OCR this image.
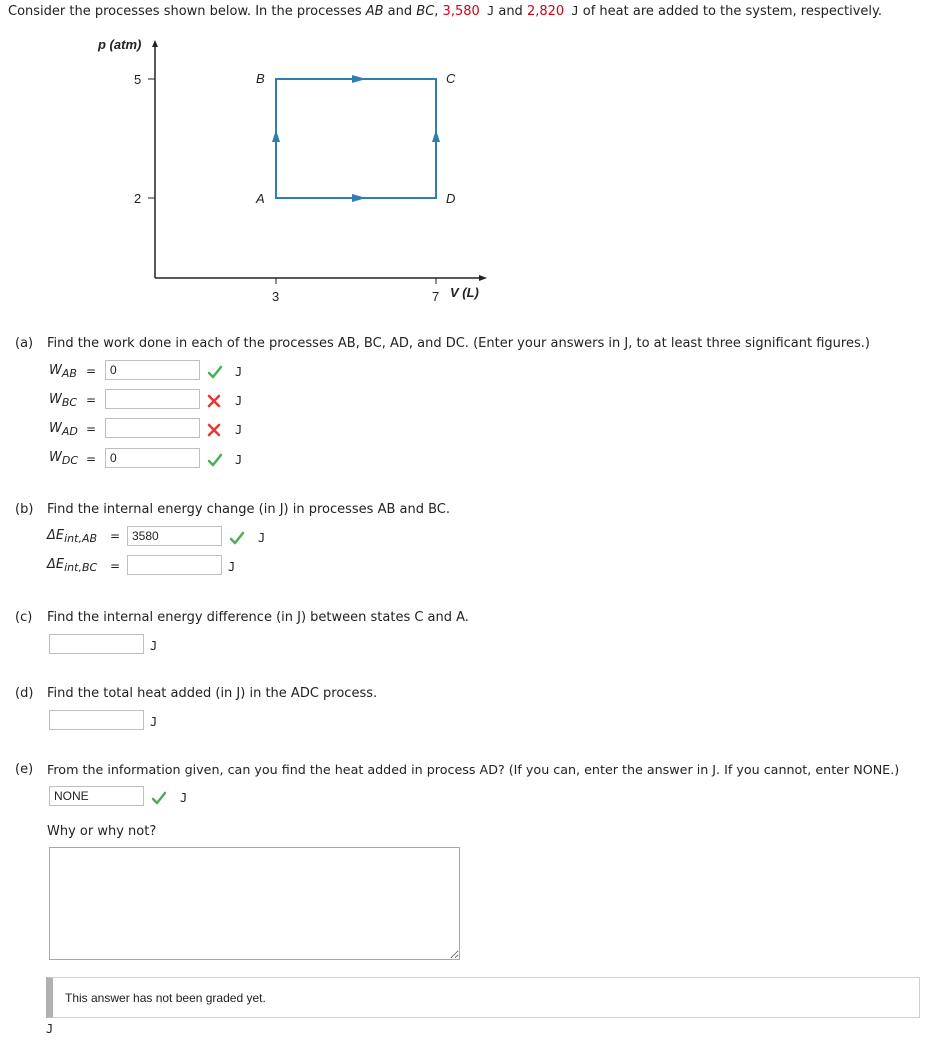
Consider the processes shown below. In the processes AB and BC, 3,580 J and 2,820 J of heat are added to the system, respectively.
p (atm)
V (L)
5
2
3	7
B	C
A	D
(a) Find the work done in each of the processes AB, BC, AD, and DC. (Enter your answers in J, to at least three significant figures.)
$W_{AB}$ =
0	J
$W_{BC}$ =	J
$W_{AD}$ =	J
$W_{DC}$ =
0	J
(b) Find the internal energy change (in J) in processes AB and BC.
$\Delta E_{int,AB}$ =
3580	J
$\Delta E_{int,BC}$ =	J
(c) Find the internal energy difference (in J) between states C and A.
J
(d) Find the total heat added (in J) in the ADC process.
J
(e) From the information given, can you find the heat added in process AD? (If you can, enter the answer in J. If you cannot, enter NONE.)
NONE
J
Why or why not?
This answer has not been graded yet.
J
